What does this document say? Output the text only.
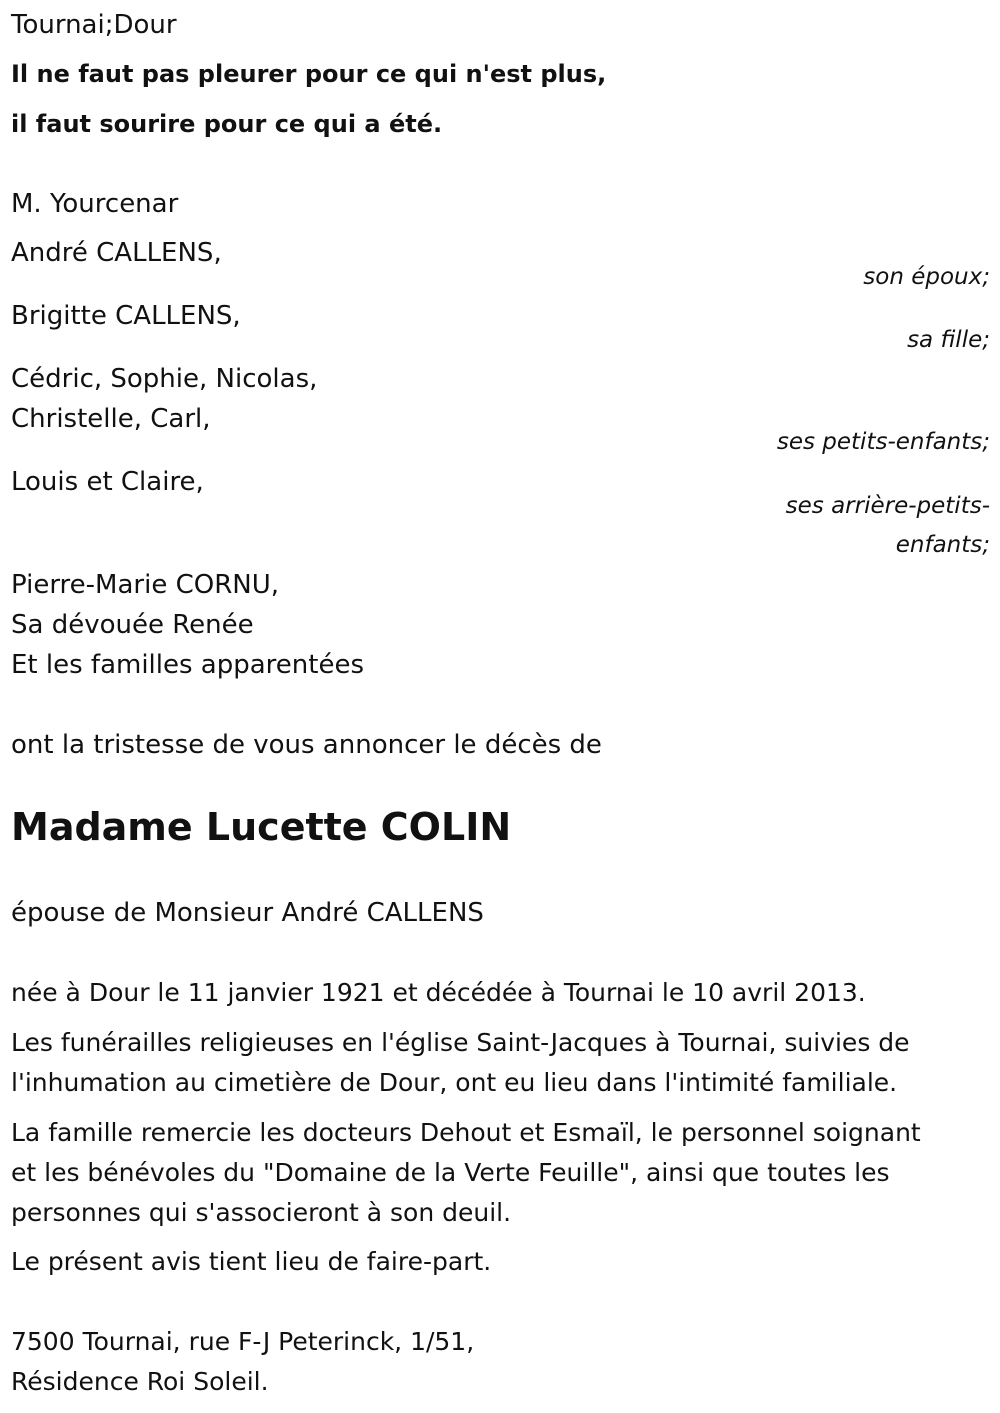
Tournai;Dour
Il ne faut pas pleurer pour ce qui n'est plus,
il faut sourire pour ce qui a été.
M. Yourcenar
André CALLENS,
son époux;
Brigitte CALLENS,
sa fille;
Cédric, Sophie, Nicolas,
Christelle, Carl,
ses petits-enfants;
Louis et Claire,
ses arrière-petits-
enfants;
Pierre-Marie CORNU,
Sa dévouée Renée
Et les familles apparentées
ont la tristesse de vous annoncer le décès de
Madame Lucette COLIN
épouse de Monsieur André CALLENS
née à Dour le 11 janvier 1921 et décédée à Tournai le 10 avril 2013.
Les funérailles religieuses en l'église Saint-Jacques à Tournai, suivies de
l'inhumation au cimetière de Dour, ont eu lieu dans l'intimité familiale.
La famille remercie les docteurs Dehout et Esmaïl, le personnel soignant
et les bénévoles du "Domaine de la Verte Feuille", ainsi que toutes les
personnes qui s'associeront à son deuil.
Le présent avis tient lieu de faire-part.
7500 Tournai, rue F-J Peterinck, 1/51,
Résidence Roi Soleil.
